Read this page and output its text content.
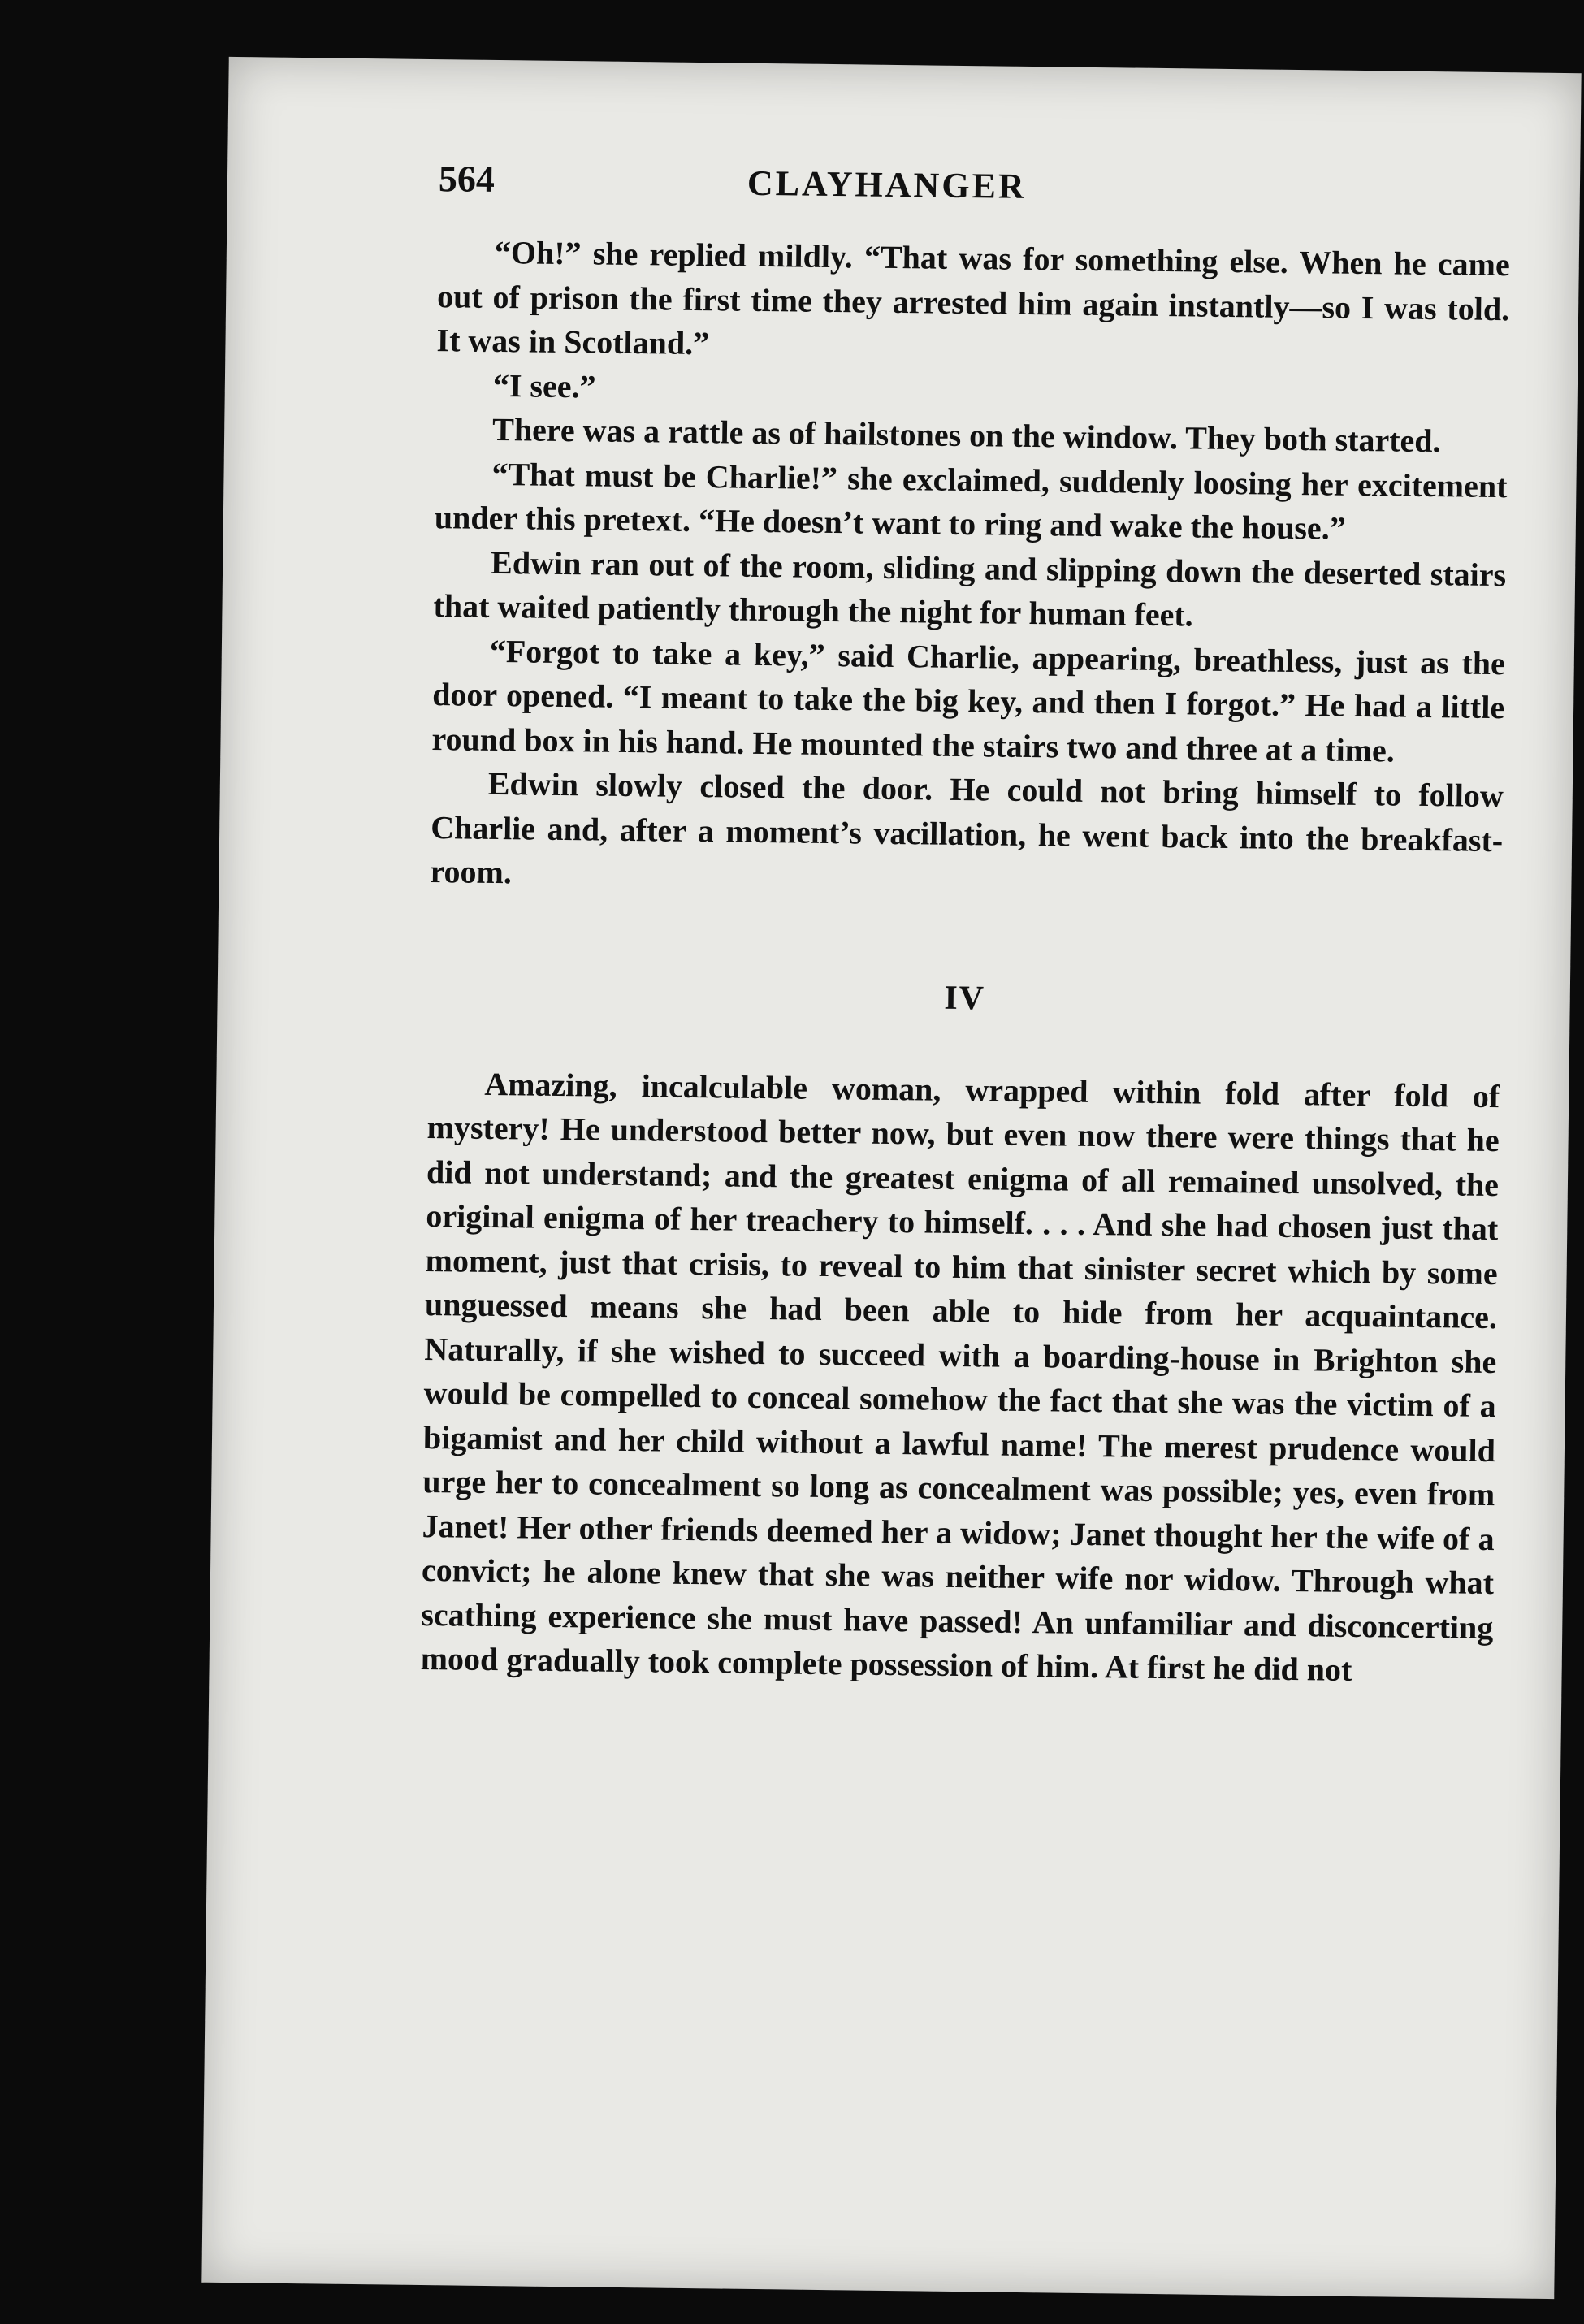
564	CLAYHANGER

“Oh!” she replied mildly. “That was for something else. When he came out of prison the first time they arrested him again instantly—so I was told. It was in Scotland.”

“I see.”

There was a rattle as of hailstones on the window. They both started.

“That must be Charlie!” she exclaimed, suddenly loosing her excitement under this pretext. “He doesn’t want to ring and wake the house.”

Edwin ran out of the room, sliding and slipping down the deserted stairs that waited patiently through the night for human feet.

“Forgot to take a key,” said Charlie, appearing, breathless, just as the door opened. “I meant to take the big key, and then I forgot.” He had a little round box in his hand. He mounted the stairs two and three at a time.

Edwin slowly closed the door. He could not bring himself to follow Charlie and, after a moment’s vacillation, he went back into the breakfast-room.

IV

Amazing, incalculable woman, wrapped within fold after fold of mystery! He understood better now, but even now there were things that he did not understand; and the greatest enigma of all remained unsolved, the original enigma of her treachery to himself. . . . And she had chosen just that moment, just that crisis, to reveal to him that sinister secret which by some unguessed means she had been able to hide from her acquaintance. Naturally, if she wished to succeed with a boarding-house in Brighton she would be compelled to conceal somehow the fact that she was the victim of a bigamist and her child without a lawful name! The merest prudence would urge her to concealment so long as concealment was possible; yes, even from Janet! Her other friends deemed her a widow; Janet thought her the wife of a convict; he alone knew that she was neither wife nor widow. Through what scathing experience she must have passed! An unfamiliar and disconcerting mood gradually took complete possession of him. At first he did not
